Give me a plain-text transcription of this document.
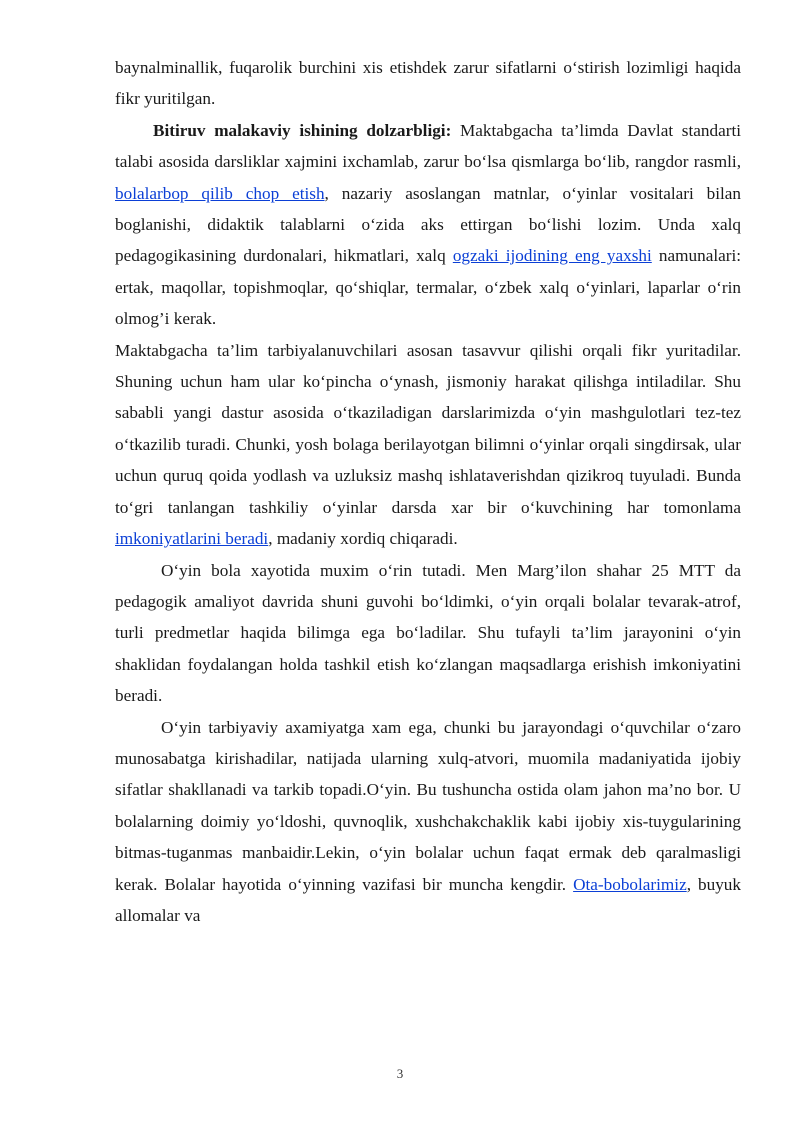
baynalminallik, fuqarolik burchini xis etishdek zarur sifatlarni o‘stirish lozimligi haqida fikr yuritilgan.

Bitiruv malakaviy ishining dolzarbligi: Maktabgacha ta’limda Davlat standarti talabi asosida darsliklar xajmini ixchamlab, zarur bo‘lsa qismlarga bo‘lib, rangdor rasmli, bolalarbop qilib chop etish, nazariy asoslangan matnlar, o‘yinlar vositalari bilan boglanishi, didaktik talablarni o‘zida aks ettirgan bo‘lishi lozim. Unda xalq pedagogikasining durdonalari, hikmatlari, xalq ogzaki ijodining eng yaxshi namunalari: ertak, maqollar, topishmoqlar, qo‘shiqlar, termalar, o‘zbek xalq o‘yinlari, laparlar o‘rin olmog’i kerak.

Maktabgacha ta’lim tarbiyalanuvchilari asosan tasavvur qilishi orqali fikr yuritadilar. Shuning uchun ham ular ko‘pincha o‘ynash, jismoniy harakat qilishga intiladilar. Shu sababli yangi dastur asosida o‘tkaziladigan darslarimizda o‘yin mashgulotlari tez-tez o‘tkazilib turadi. Chunki, yosh bolaga berilayotgan bilimni o‘yinlar orqali singdirsak, ular uchun quruq qoida yodlash va uzluksiz mashq ishlataverishdan qizikroq tuyuladi. Bunda to‘gri tanlangan tashkiliy o‘yinlar darsda xar bir o‘kuvchining har tomonlama imkoniyatlarini beradi, madaniy xordiq chiqaradi.

O‘yin bola xayotida muxim o‘rin tutadi. Men Marg’ilon shahar 25 MTT da pedagogik amaliyot davrida shuni guvohi bo‘ldimki, o‘yin orqali bolalar tevarak-atrof, turli predmetlar haqida bilimga ega bo‘ladilar. Shu tufayli ta’lim jarayonini o‘yin shaklidan foydalangan holda tashkil etish ko‘zlangan maqsadlarga erishish imkoniyatini beradi.

O‘yin tarbiyaviy axamiyatga xam ega, chunki bu jarayondagi o‘quvchilar o‘zaro munosabatga kirishadilar, natijada ularning xulq-atvori, muomila madaniyatida ijobiy sifatlar shakllanadi va tarkib topadi.O‘yin. Bu tushuncha ostida olam jahon ma’no bor. U bolalarning doimiy yo‘ldoshi, quvnoqlik, xushchakchaklik kabi ijobiy xis-tuygularining bitmas-tuganmas manbaidir.Lekin, o‘yin bolalar uchun faqat ermak deb qaralmasligi kerak. Bolalar hayotida o‘yinning vazifasi bir muncha kengdir. Ota-bobolarimiz, buyuk allomalar va

3
